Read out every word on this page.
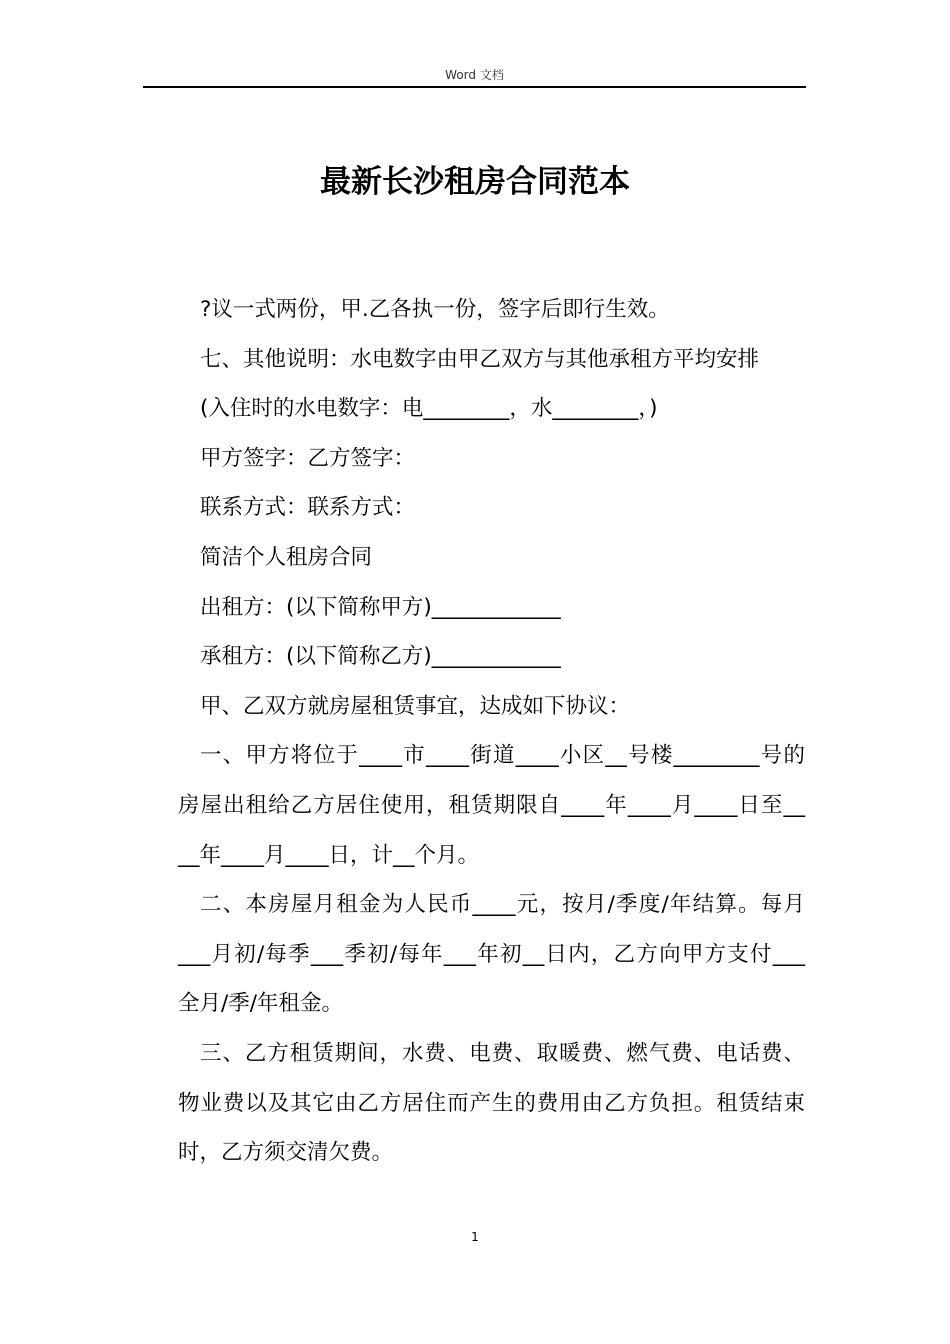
Word 文档
最新长沙租房合同范本
?议一式两份，甲.乙各执一份，签字后即行生效。
七、其他说明：水电数字由甲乙双方与其他承租方平均安排
(入住时的水电数字：电________，水________，)
甲方签字：乙方签字：
联系方式：联系方式：
简洁个人租房合同
出租方：(以下简称甲方)____________
承租方：(以下简称乙方)____________
甲、乙双方就房屋租赁事宜，达成如下协议：
一、甲方将位于____市____街道____小区__号楼________号的
房屋出租给乙方居住使用，租赁期限自____年____月____日至__
__年____月____日，计__个月。
二、本房屋月租金为人民币____元，按月/季度/年结算。每月
___月初/每季___季初/每年___年初__日内，乙方向甲方支付___
全月/季/年租金。
三、乙方租赁期间，水费、电费、取暖费、燃气费、电话费、
物业费以及其它由乙方居住而产生的费用由乙方负担。租赁结束
时，乙方须交清欠费。
1
